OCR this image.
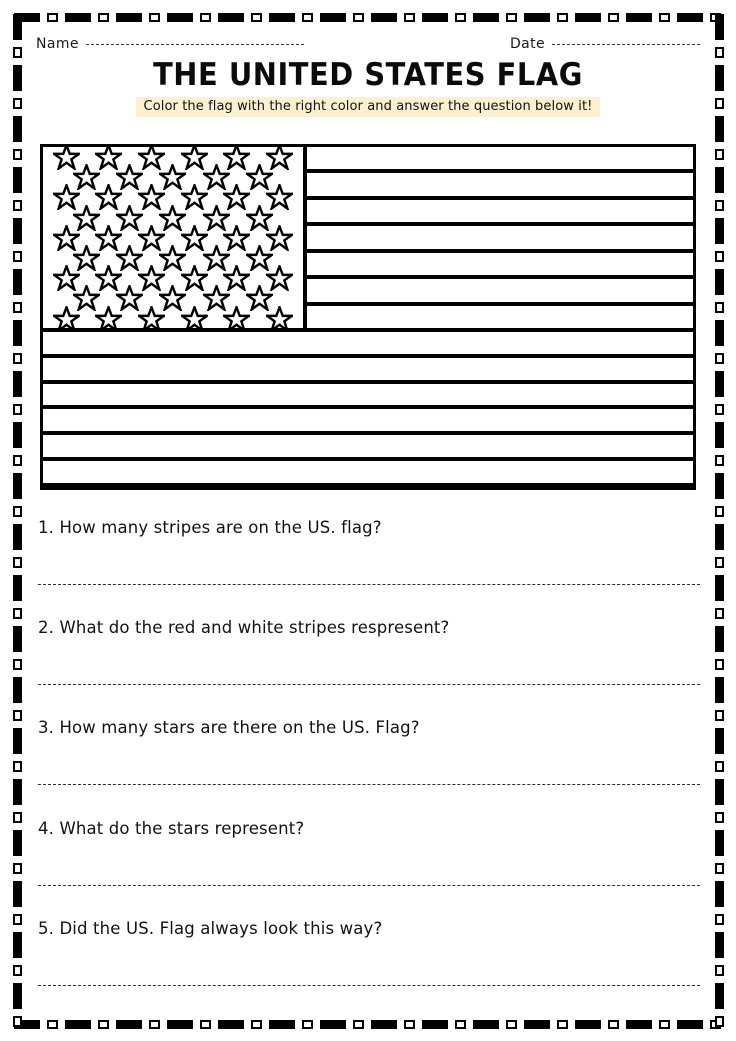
Name	Date
THE UNITED STATES FLAG
Color the flag with the right color and answer the question below it!
1. How many stripes are on the US. flag?
2. What do the red and white stripes respresent?
3. How many stars are there on the US. Flag?
4. What do the stars represent?
5. Did the US. Flag always look this way?
